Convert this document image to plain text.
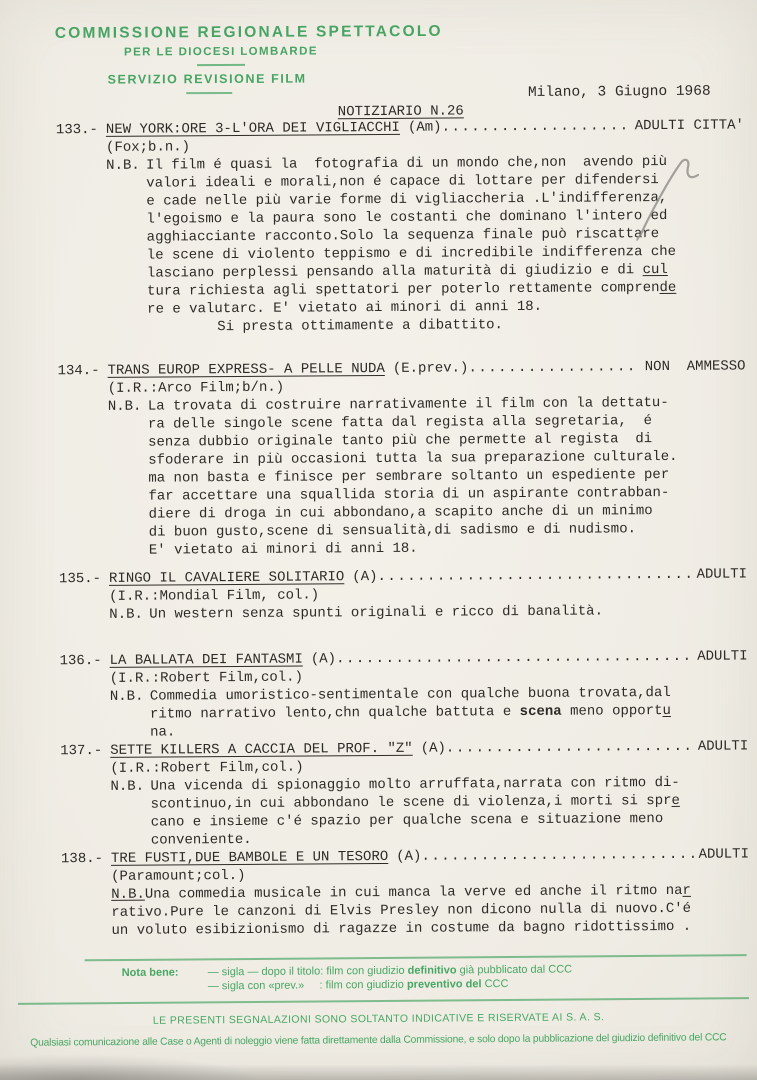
COMMISSIONE REGIONALE SPETTACOLO
PER LE DIOCESI LOMBARDE
SERVIZIO REVISIONE FILM
Milano, 3 Giugno 1968
NOTIZIARIO N.26
133.- NEW YORK:ORE 3-L'ORA DEI VIGLIACCHI (Am) .....	ADULTI CITTA'
(Fox;b.n.)
N.B. Il film é quasi la  fotografia di un mondo che,non  avendo più
valori ideali e morali,non é capace di lottare per difendersi
e cade nelle più varie forme di vigliaccheria .L'indifferenza,
l'egoismo e la paura sono le costanti che dominano l'intero ed
agghiacciante racconto.Solo la sequenza finale può riscattare
le scene di violento teppismo e di incredibile indifferenza che
lasciano perplessi pensando alla maturità di giudizio e di cul
tura richiesta agli spettatori per poterlo rettamente comprende
re e valutarc. E' vietato ai minori di anni 18.
Si presta ottimamente a dibattito.
134.- TRANS EUROP EXPRESS- A PELLE NUDA (E.prev.) .....	NON  AMMESSO
(I.R.:Arco Film;b/n.)
N.B. La trovata di costruire narrativamente il film con la dettatu-
ra delle singole scene fatta dal regista alla segretaria,  é
senza dubbio originale tanto più che permette al regista  di
sfoderare in più occasioni tutta la sua preparazione culturale.
ma non basta e finisce per sembrare soltanto un espediente per
far accettare una squallida storia di un aspirante contrabban-
diere di droga in cui abbondano,a scapito anche di un minimo
di buon gusto,scene di sensualità,di sadismo e di nudismo.
E' vietato ai minori di anni 18.
135.- RINGO IL CAVALIERE SOLITARIO (A) .....	ADULTI
(I.R.:Mondial Film, col.)
N.B. Un western senza spunti originali e ricco di banalità.
136.- LA BALLATA DEI FANTASMI (A) .....	ADULTI
(I.R.:Robert Film,col.)
N.B. Commedia umoristico-sentimentale con qualche buona trovata,dal
ritmo narrativo lento,chn qualche battuta e scena meno opportu
na.
137.- SETTE KILLERS A CACCIA DEL PROF. "Z" (A) .....	ADULTI
(I.R.:Robert Film,col.)
N.B. Una vicenda di spionaggio molto arruffata,narrata con ritmo di-
scontinuo,in cui abbondano le scene di violenza,i morti si spre
cano e insieme c'é spazio per qualche scena e situazione meno
conveniente.
138.- TRE FUSTI,DUE BAMBOLE E UN TESORO (A) .....	ADULTI
(Paramount;col.)
N.B. Una commedia musicale in cui manca la verve ed anche il ritmo nar
rativo.Pure le canzoni di Elvis Presley non dicono nulla di nuovo.C'é
un voluto esibizionismo di ragazze in costume da bagno ridottissimo .
Nota bene:	— sigla — dopo il titolo: film con giudizio definitivo già pubblicato dal CCC
— sigla con «prev.»     : film con giudizio preventivo del CCC
LE PRESENTI SEGNALAZIONI SONO SOLTANTO INDICATIVE E RISERVATE AI S. A. S.
Qualsiasi comunicazione alle Case o Agenti di noleggio viene fatta direttamente dalla Commissione, e solo dopo la pubblicazione del giudizio definitivo del CCC
